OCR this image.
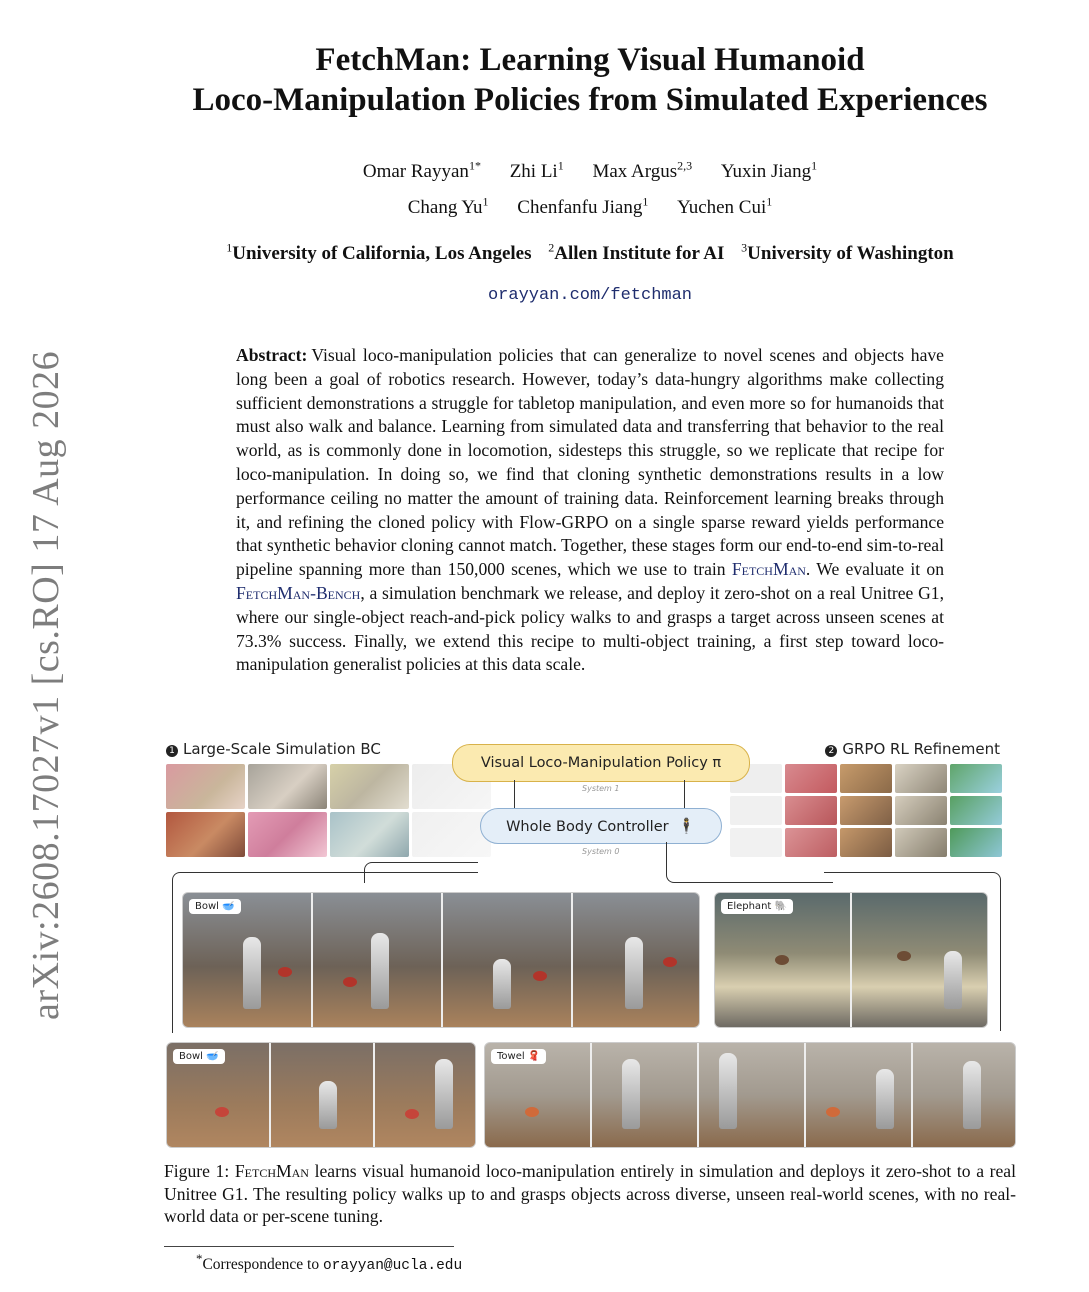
arXiv:2608.17027v1 [cs.RO] 17 Aug 2026
FetchMan: Learning Visual Humanoid
Loco-Manipulation Policies from Simulated Experiences
Omar Rayyan$^{1*}$ Zhi Li$^1$ Max Argus$^{2,3}$ Yuxin Jiang$^1$
Chang Yu$^1$ Chenfanfu Jiang$^1$ Yuchen Cui$^1$
$^1$University of California, Los Angeles $^2$Allen Institute for AI $^3$University of Washington
orayyan.com/fetchman
Abstract: Visual loco-manipulation policies that can generalize to novel scenes and objects have long been a goal of robotics research. However, today’s data-hungry algorithms make collecting sufficient demonstrations a struggle for tabletop manipulation, and even more so for humanoids that must also walk and balance. Learning from simulated data and transferring that behavior to the real world, as is commonly done in locomotion, sidesteps this struggle, so we replicate that recipe for loco-manipulation. In doing so, we find that cloning synthetic demonstrations results in a low performance ceiling no matter the amount of training data. Reinforcement learning breaks through it, and refining the cloned policy with Flow-GRPO on a single sparse reward yields performance that synthetic behavior cloning cannot match. Together, these stages form our end-to-end sim-to-real pipeline spanning more than 150,000 scenes, which we use to train FetchMan. We evaluate it on FetchMan-Bench, a simulation benchmark we release, and deploy it zero-shot on a real Unitree G1, where our single-object reach-and-pick policy walks to and grasps a target across unseen scenes at 73.3% success. Finally, we extend this recipe to multi-object training, a first step toward loco-manipulation generalist policies at this data scale.
1 Large-Scale Simulation BC	2 GRPO RL Refinement
Visual Loco-Manipulation Policy π
System 1
Whole Body Controller 🕴
System 0
Bowl 🥣	Elephant 🐘
Bowl 🥣	Towel 🧣
Figure 1: FetchMan learns visual humanoid loco-manipulation entirely in simulation and deploys it zero-shot to a real Unitree G1. The resulting policy walks up to and grasps objects across diverse, unseen real-world scenes, with no real-world data or per-scene tuning.
*Correspondence to orayyan@ucla.edu
